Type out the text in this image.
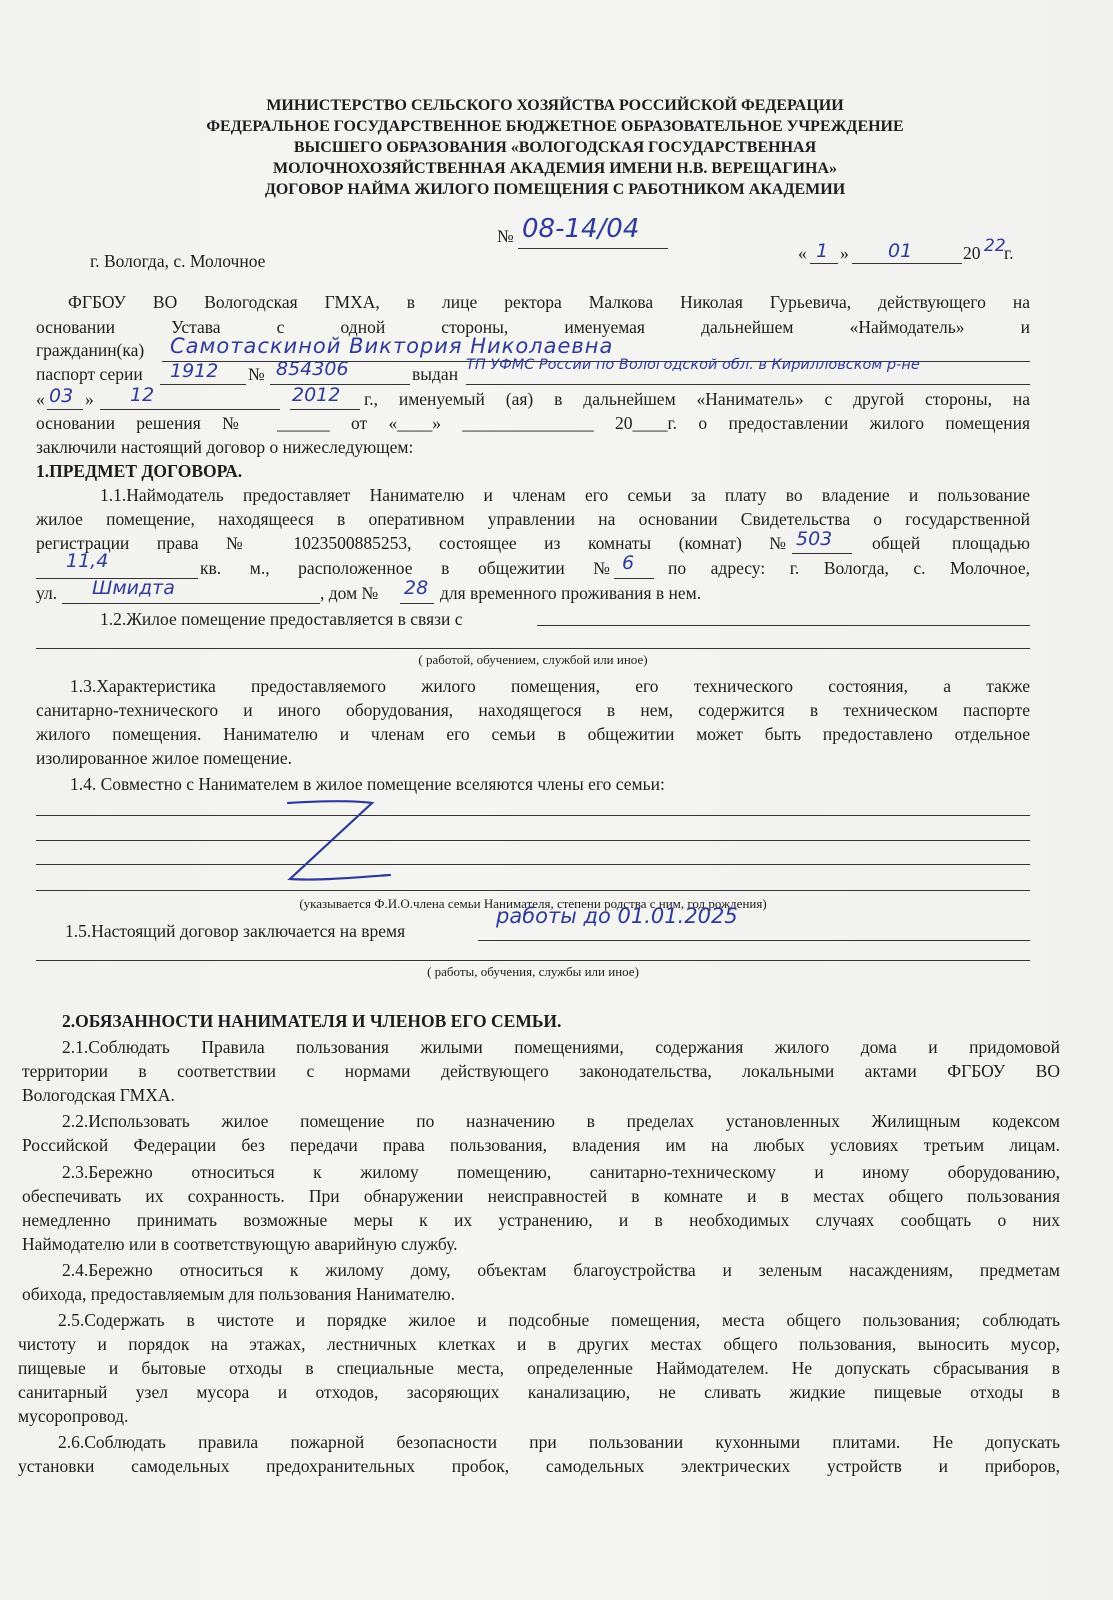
МИНИСТЕРСТВО СЕЛЬСКОГО ХОЗЯЙСТВА РОССИЙСКОЙ ФЕДЕРАЦИИ
ФЕДЕРАЛЬНОЕ ГОСУДАРСТВЕННОЕ БЮДЖЕТНОЕ ОБРАЗОВАТЕЛЬНОЕ УЧРЕЖДЕНИЕ
ВЫСШЕГО ОБРАЗОВАНИЯ «ВОЛОГОДСКАЯ ГОСУДАРСТВЕННАЯ
МОЛОЧНОХОЗЯЙСТВЕННАЯ АКАДЕМИЯ ИМЕНИ Н.В. ВЕРЕЩАГИНА»
ДОГОВОР НАЙМА ЖИЛОГО ПОМЕЩЕНИЯ С РАБОТНИКОМ АКАДЕМИИ
№ 08-14/04
г. Вологда, с. Молочное	« 1 » 01	20 22
г.
ФГБОУ ВО Вологодская ГМХА, в лице ректора Малкова Николая Гурьевича, действующего на
основании Устава с одной стороны, именуемая дальнейшем «Наймодатель» и
гражданин(ка) Самотаскиной Виктория Николаевна
паспорт серии 1912 № 854306	выдан ТП УФМС России по Вологодской обл. в Кирилловском р-не
« 03 » 12	2012 г., именуемый (ая) в дальнейшем «Наниматель» с другой стороны, на
основании решения № ______ от «____» _______________ 20____г. о предоставлении жилого помещения
заключили настоящий договор о нижеследующем:
1.ПРЕДМЕТ ДОГОВОРА.
1.1.Наймодатель предоставляет Нанимателю и членам его семьи за плату во владение и пользование
жилое помещение, находящееся в оперативном управлении на основании Свидетельства о государственной
регистрации права № 1023500885253, состоящее из комнаты (комнат) № 503 общей площадью
11,4	кв. м., расположенное в общежитии № 6 по адресу: г. Вологда, с. Молочное,
ул. Шмидта	, дом № 28 для временного проживания в нем.
1.2.Жилое помещение предоставляется в связи с
( работой, обучением, службой или иное)
1.3.Характеристика предоставляемого жилого помещения, его технического состояния, а также
санитарно-технического и иного оборудования, находящегося в нем, содержится в техническом паспорте
жилого помещения. Нанимателю и членам его семьи в общежитии может быть предоставлено отдельное
изолированное жилое помещение.
1.4. Совместно с Нанимателем в жилое помещение вселяются члены его семьи:
(указывается Ф.И.О.члена семьи Нанимателя, степени родства с ним, год рождения)
1.5.Настоящий договор заключается на время
работы до 01.01.2025
( работы, обучения, службы или иное)
2.ОБЯЗАННОСТИ НАНИМАТЕЛЯ И ЧЛЕНОВ ЕГО СЕМЬИ.
2.1.Соблюдать Правила пользования жилыми помещениями, содержания жилого дома и придомовой
территории в соответствии с нормами действующего законодательства, локальными актами ФГБОУ ВО
Вологодская ГМХА.
2.2.Использовать жилое помещение по назначению в пределах установленных Жилищным кодексом
Российской Федерации без передачи права пользования, владения им на любых условиях третьим лицам.
2.3.Бережно относиться к жилому помещению, санитарно-техническому и иному оборудованию,
обеспечивать их сохранность. При обнаружении неисправностей в комнате и в местах общего пользования
немедленно принимать возможные меры к их устранению, и в необходимых случаях сообщать о них
Наймодателю или в соответствующую аварийную службу.
2.4.Бережно относиться к жилому дому, объектам благоустройства и зеленым насаждениям, предметам
обихода, предоставляемым для пользования Нанимателю.
2.5.Содержать в чистоте и порядке жилое и подсобные помещения, места общего пользования; соблюдать
чистоту и порядок на этажах, лестничных клетках и в других местах общего пользования, выносить мусор,
пищевые и бытовые отходы в специальные места, определенные Наймодателем. Не допускать сбрасывания в
санитарный узел мусора и отходов, засоряющих канализацию, не сливать жидкие пищевые отходы в
мусоропровод.
2.6.Соблюдать правила пожарной безопасности при пользовании кухонными плитами. Не допускать
установки самодельных предохранительных пробок, самодельных электрических устройств и приборов,
